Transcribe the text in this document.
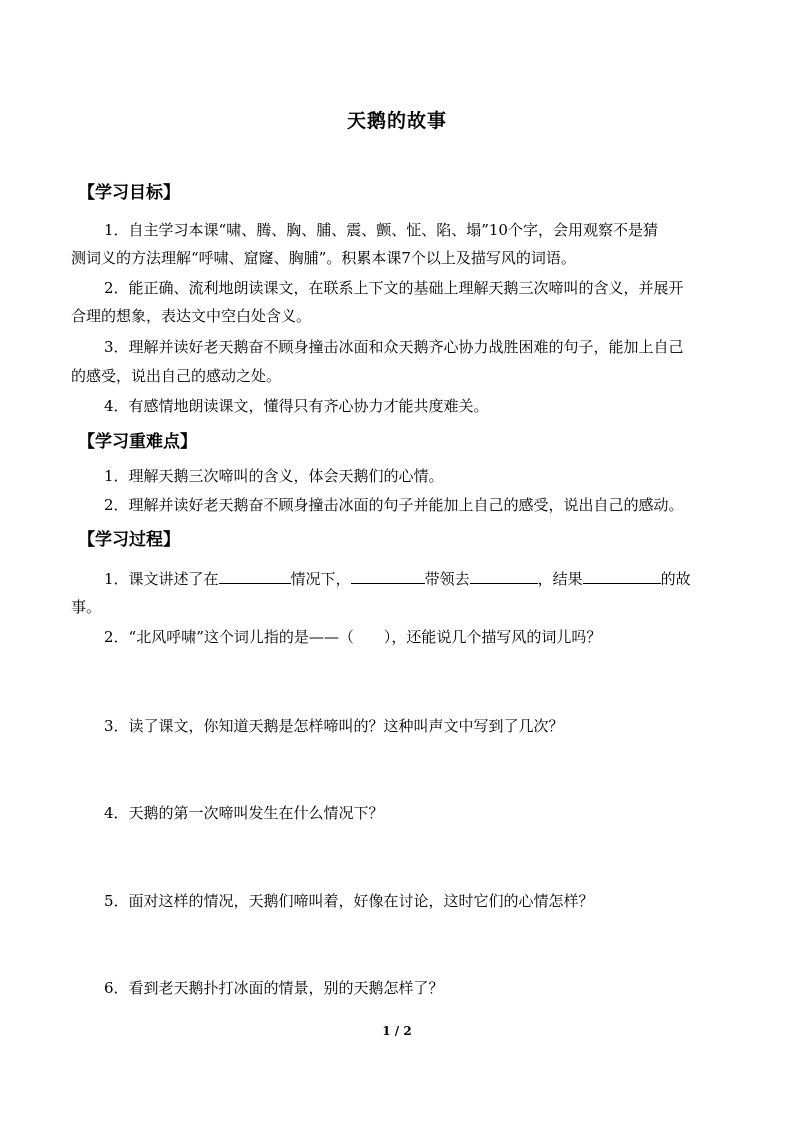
天鹅的故事
【学习目标】
1．自主学习本课“啸、腾、胸、脯、震、颤、怔、陷、塌”10个字，会用观察不是猜
测词义的方法理解“呼啸、窟窿、胸脯”。积累本课7个以上及描写风的词语。
2．能正确、流利地朗读课文，在联系上下文的基础上理解天鹅三次啼叫的含义，并展开
合理的想象，表达文中空白处含义。
3．理解并读好老天鹅奋不顾身撞击冰面和众天鹅齐心协力战胜困难的句子，能加上自己
的感受，说出自己的感动之处。
4．有感情地朗读课文，懂得只有齐心协力才能共度难关。
【学习重难点】
1．理解天鹅三次啼叫的含义，体会天鹅们的心情。
2．理解并读好老天鹅奋不顾身撞击冰面的句子并能加上自己的感受，说出自己的感动。
【学习过程】
1．课文讲述了在	情况下，	带领去	，结果	的故
事。
2．“北风呼啸”这个词儿指的是——（　　），还能说几个描写风的词儿吗？
3．读了课文，你知道天鹅是怎样啼叫的？这种叫声文中写到了几次？
4．天鹅的第一次啼叫发生在什么情况下？
5．面对这样的情况，天鹅们啼叫着，好像在讨论，这时它们的心情怎样？
6．看到老天鹅扑打冰面的情景，别的天鹅怎样了？
1 / 2
